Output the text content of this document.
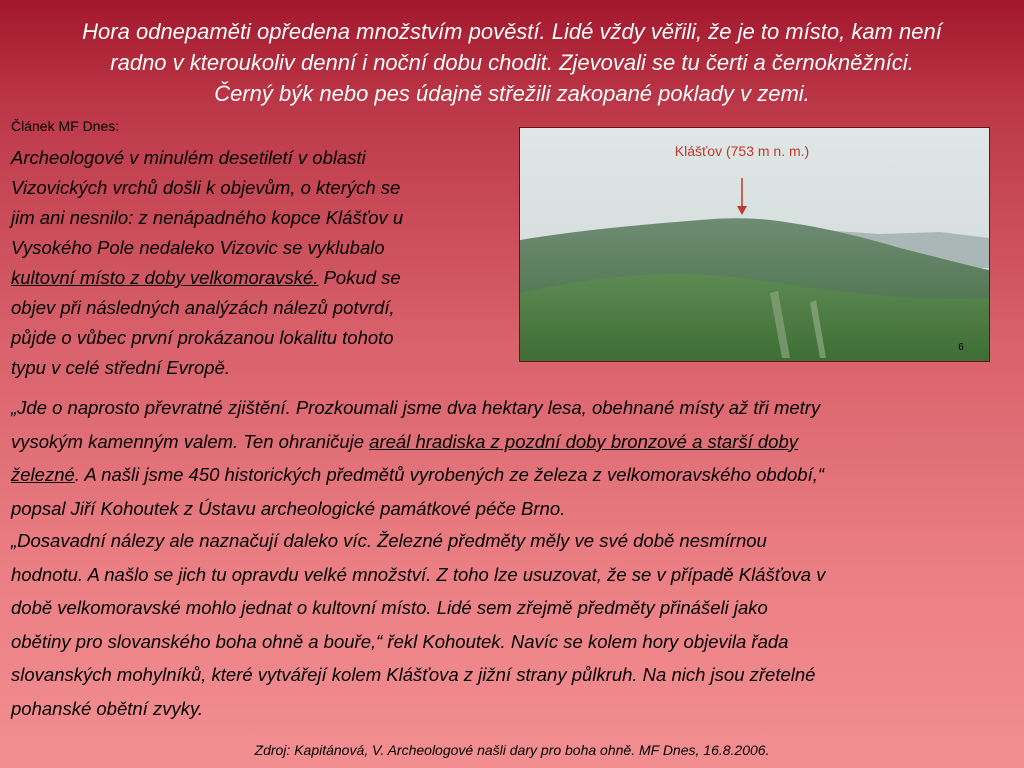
Hora odnepaměti opředena množstvím pověstí. Lidé vždy věřili, že je to místo, kam není
radno v kteroukoliv denní i noční dobu chodit. Zjevovali se tu čerti a černokněžníci.
Černý býk nebo pes údajně střežili zakopané poklady v zemi.
Článek MF Dnes:
Archeologové v minulém desetiletí v oblasti
Vizovických vrchů došli k objevům, o kterých se
jim ani nesnilo: z nenápadného kopce Klášťov u
Vysokého Pole nedaleko Vizovic se vyklubalo
kultovní místo z doby velkomoravské. Pokud se
objev při následných analýzách nálezů potvrdí,
půjde o vůbec první prokázanou lokalitu tohoto
typu v celé střední Evropě.
Klášťov (753 m n. m.)
6
„Jde o naprosto převratné zjištění. Prozkoumali jsme dva hektary lesa, obehnané místy až tři metry
vysokým kamenným valem. Ten ohraničuje areál hradiska z pozdní doby bronzové a starší doby
železné. A našli jsme 450 historických předmětů vyrobených ze železa z velkomoravského období,“
popsal Jiří Kohoutek z Ústavu archeologické památkové péče Brno.
„Dosavadní nálezy ale naznačují daleko víc. Železné předměty měly ve své době nesmírnou
hodnotu. A našlo se jich tu opravdu velké množství. Z toho lze usuzovat, že se v případě Klášťova v
době velkomoravské mohlo jednat o kultovní místo. Lidé sem zřejmě předměty přinášeli jako
obětiny pro slovanského boha ohně a bouře,“ řekl Kohoutek. Navíc se kolem hory objevila řada
slovanských mohylníků, které vytvářejí kolem Klášťova z jižní strany půlkruh. Na nich jsou zřetelné
pohanské obětní zvyky.
Zdroj: Kapitánová, V. Archeologové našli dary pro boha ohně. MF Dnes, 16.8.2006.
